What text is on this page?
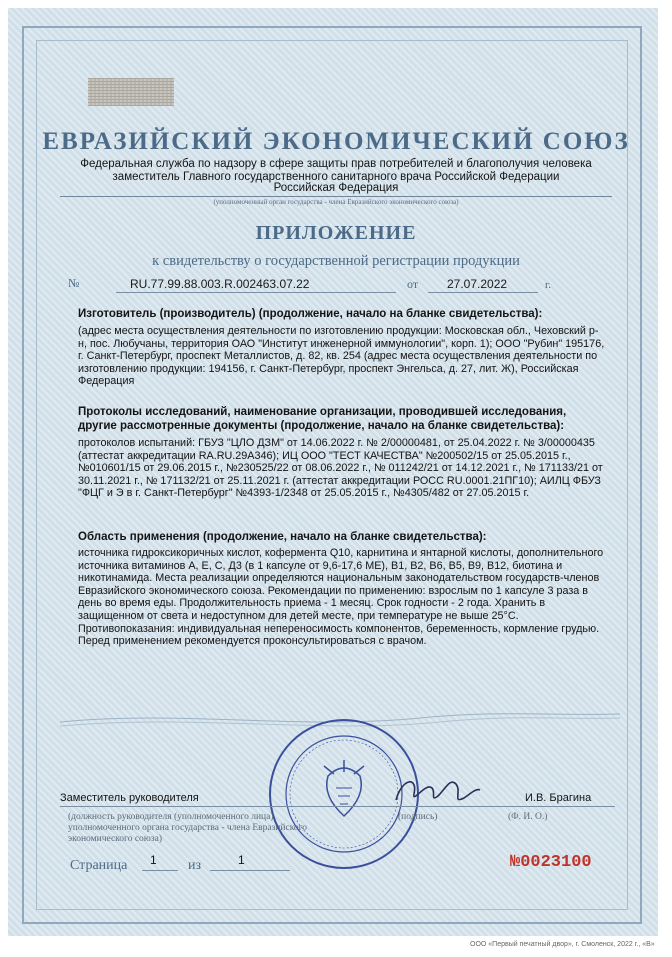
ЕВРАЗИЙСКИЙ ЭКОНОМИЧЕСКИЙ СОЮЗ
Федеральная служба по надзору в сфере защиты прав потребителей и благополучия человека
заместитель Главного государственного санитарного врача Российской Федерации
Российская Федерация
(уполномоченный орган государства - члена Евразийского экономического союза)
ПРИЛОЖЕНИЕ
к свидетельству о государственной регистрации продукции
№	RU.77.99.88.003.R.002463.07.22	от 27.07.2022	г.
Изготовитель (производитель) (продолжение, начало на бланке свидетельства):
(адрес места осуществления деятельности по изготовлению продукции: Московская обл., Чеховский р-н, пос. Любучаны, территория ОАО "Институт инженерной иммунологии", корп. 1); ООО "Рубин" 195176, г. Санкт-Петербург, проспект Металлистов, д. 82, кв. 254 (адрес места осуществления деятельности по изготовлению продукции: 194156, г. Санкт-Петербург, проспект Энгельса, д. 27, лит. Ж), Российская Федерация
Протоколы исследований, наименование организации, проводившей исследования, другие рассмотренные документы (продолжение, начало на бланке свидетельства):
протоколов испытаний: ГБУЗ "ЦЛО ДЗМ" от 14.06.2022 г. № 2/00000481, от 25.04.2022 г. № 3/00000435 (аттестат аккредитации RA.RU.29А346); ИЦ ООО "ТЕСТ КАЧЕСТВА" №200502/15 от 25.05.2015 г., №010601/15 от 29.06.2015 г., №230525/22 от 08.06.2022 г., № 011242/21 от 14.12.2021 г., № 171133/21 от 30.11.2021 г., № 171132/21 от 25.11.2021 г. (аттестат аккредитации РОСС RU.0001.21ПГ10); АИЛЦ ФБУЗ "ФЦГ и Э в г. Санкт-Петербург" №4393-1/2348 от 25.05.2015 г., №4305/482 от 27.05.2015 г.
Область применения (продолжение, начало на бланке свидетельства):
источника гидроксикоричных кислот, кофермента Q10, карнитина и янтарной кислоты, дополнительного источника витаминов А, Е, С, Д3 (в 1 капсуле от 9,6-17,6 МЕ), В1, В2, В6, В5, В9, В12, биотина и никотинамида. Места реализации определяются национальным законодательством государств-членов Евразийского экономического союза. Рекомендации по применению: взрослым по 1 капсуле 3 раза в день во время еды. Продолжительность приема - 1 месяц. Срок годности - 2 года. Хранить в защищенном от света и недоступном для детей месте, при температуре не выше 25°С. Противопоказания: индивидуальная непереносимость компонентов, беременность, кормление грудью. Перед применением рекомендуется проконсультироваться с врачом.
Заместитель руководителя	И.В. Брагина
(должность руководителя (уполномоченного лица) уполномоченного органа государства - члена Евразийского экономического союза)
(подпись)	(Ф. И. О.)
Страница 1 из	1	№0023100
ООО «Первый печатный двор», г. Смоленск, 2022 г., «В»
